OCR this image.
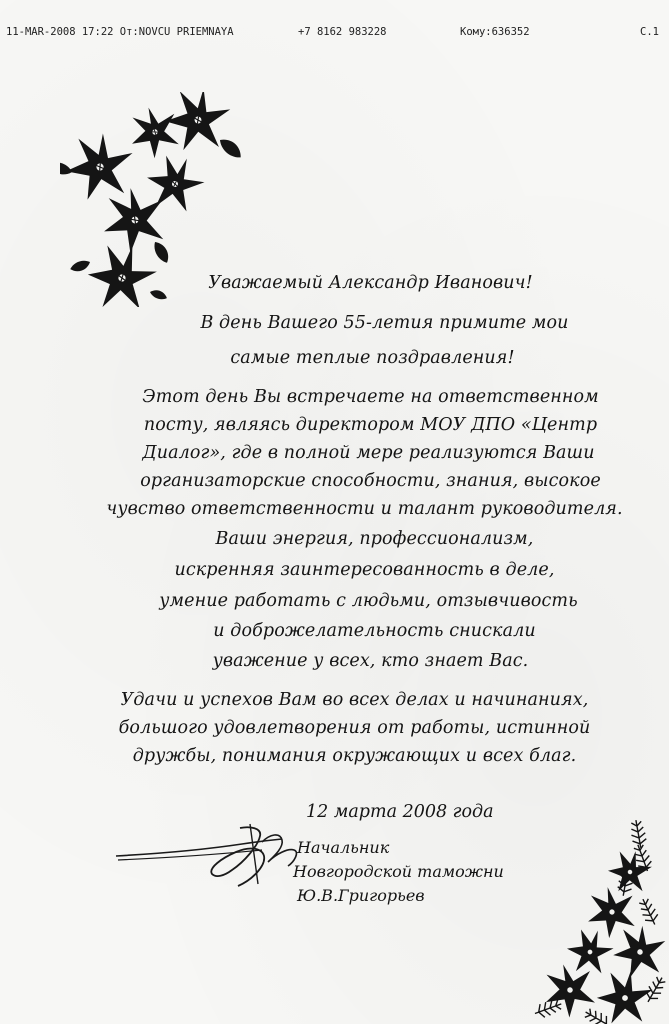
11-MAR-2008 17:22 От:NOVCU PRIEMNAYA	+7 8162 983228	Кому:636352	С.1
Уважаемый Александр Иванович!
В день Вашего 55-летия примите мои
самые теплые поздравления!
Этот день Вы встречаете на ответственном
посту, являясь директором МОУ ДПО «Центр
Диалог», где в полной мере реализуются Ваши
организаторские способности, знания, высокое
чувство ответственности и талант руководителя.
Ваши энергия, профессионализм,
искренняя заинтересованность в деле,
умение работать с людьми, отзывчивость
и доброжелательность снискали
уважение у всех, кто знает Вас.
Удачи и успехов Вам во всех делах и начинаниях,
большого удовлетворения от работы, истинной
дружбы, понимания окружающих и всех благ.
12 марта 2008 года
Начальник
Новгородской таможни
Ю.В.Григорьев
